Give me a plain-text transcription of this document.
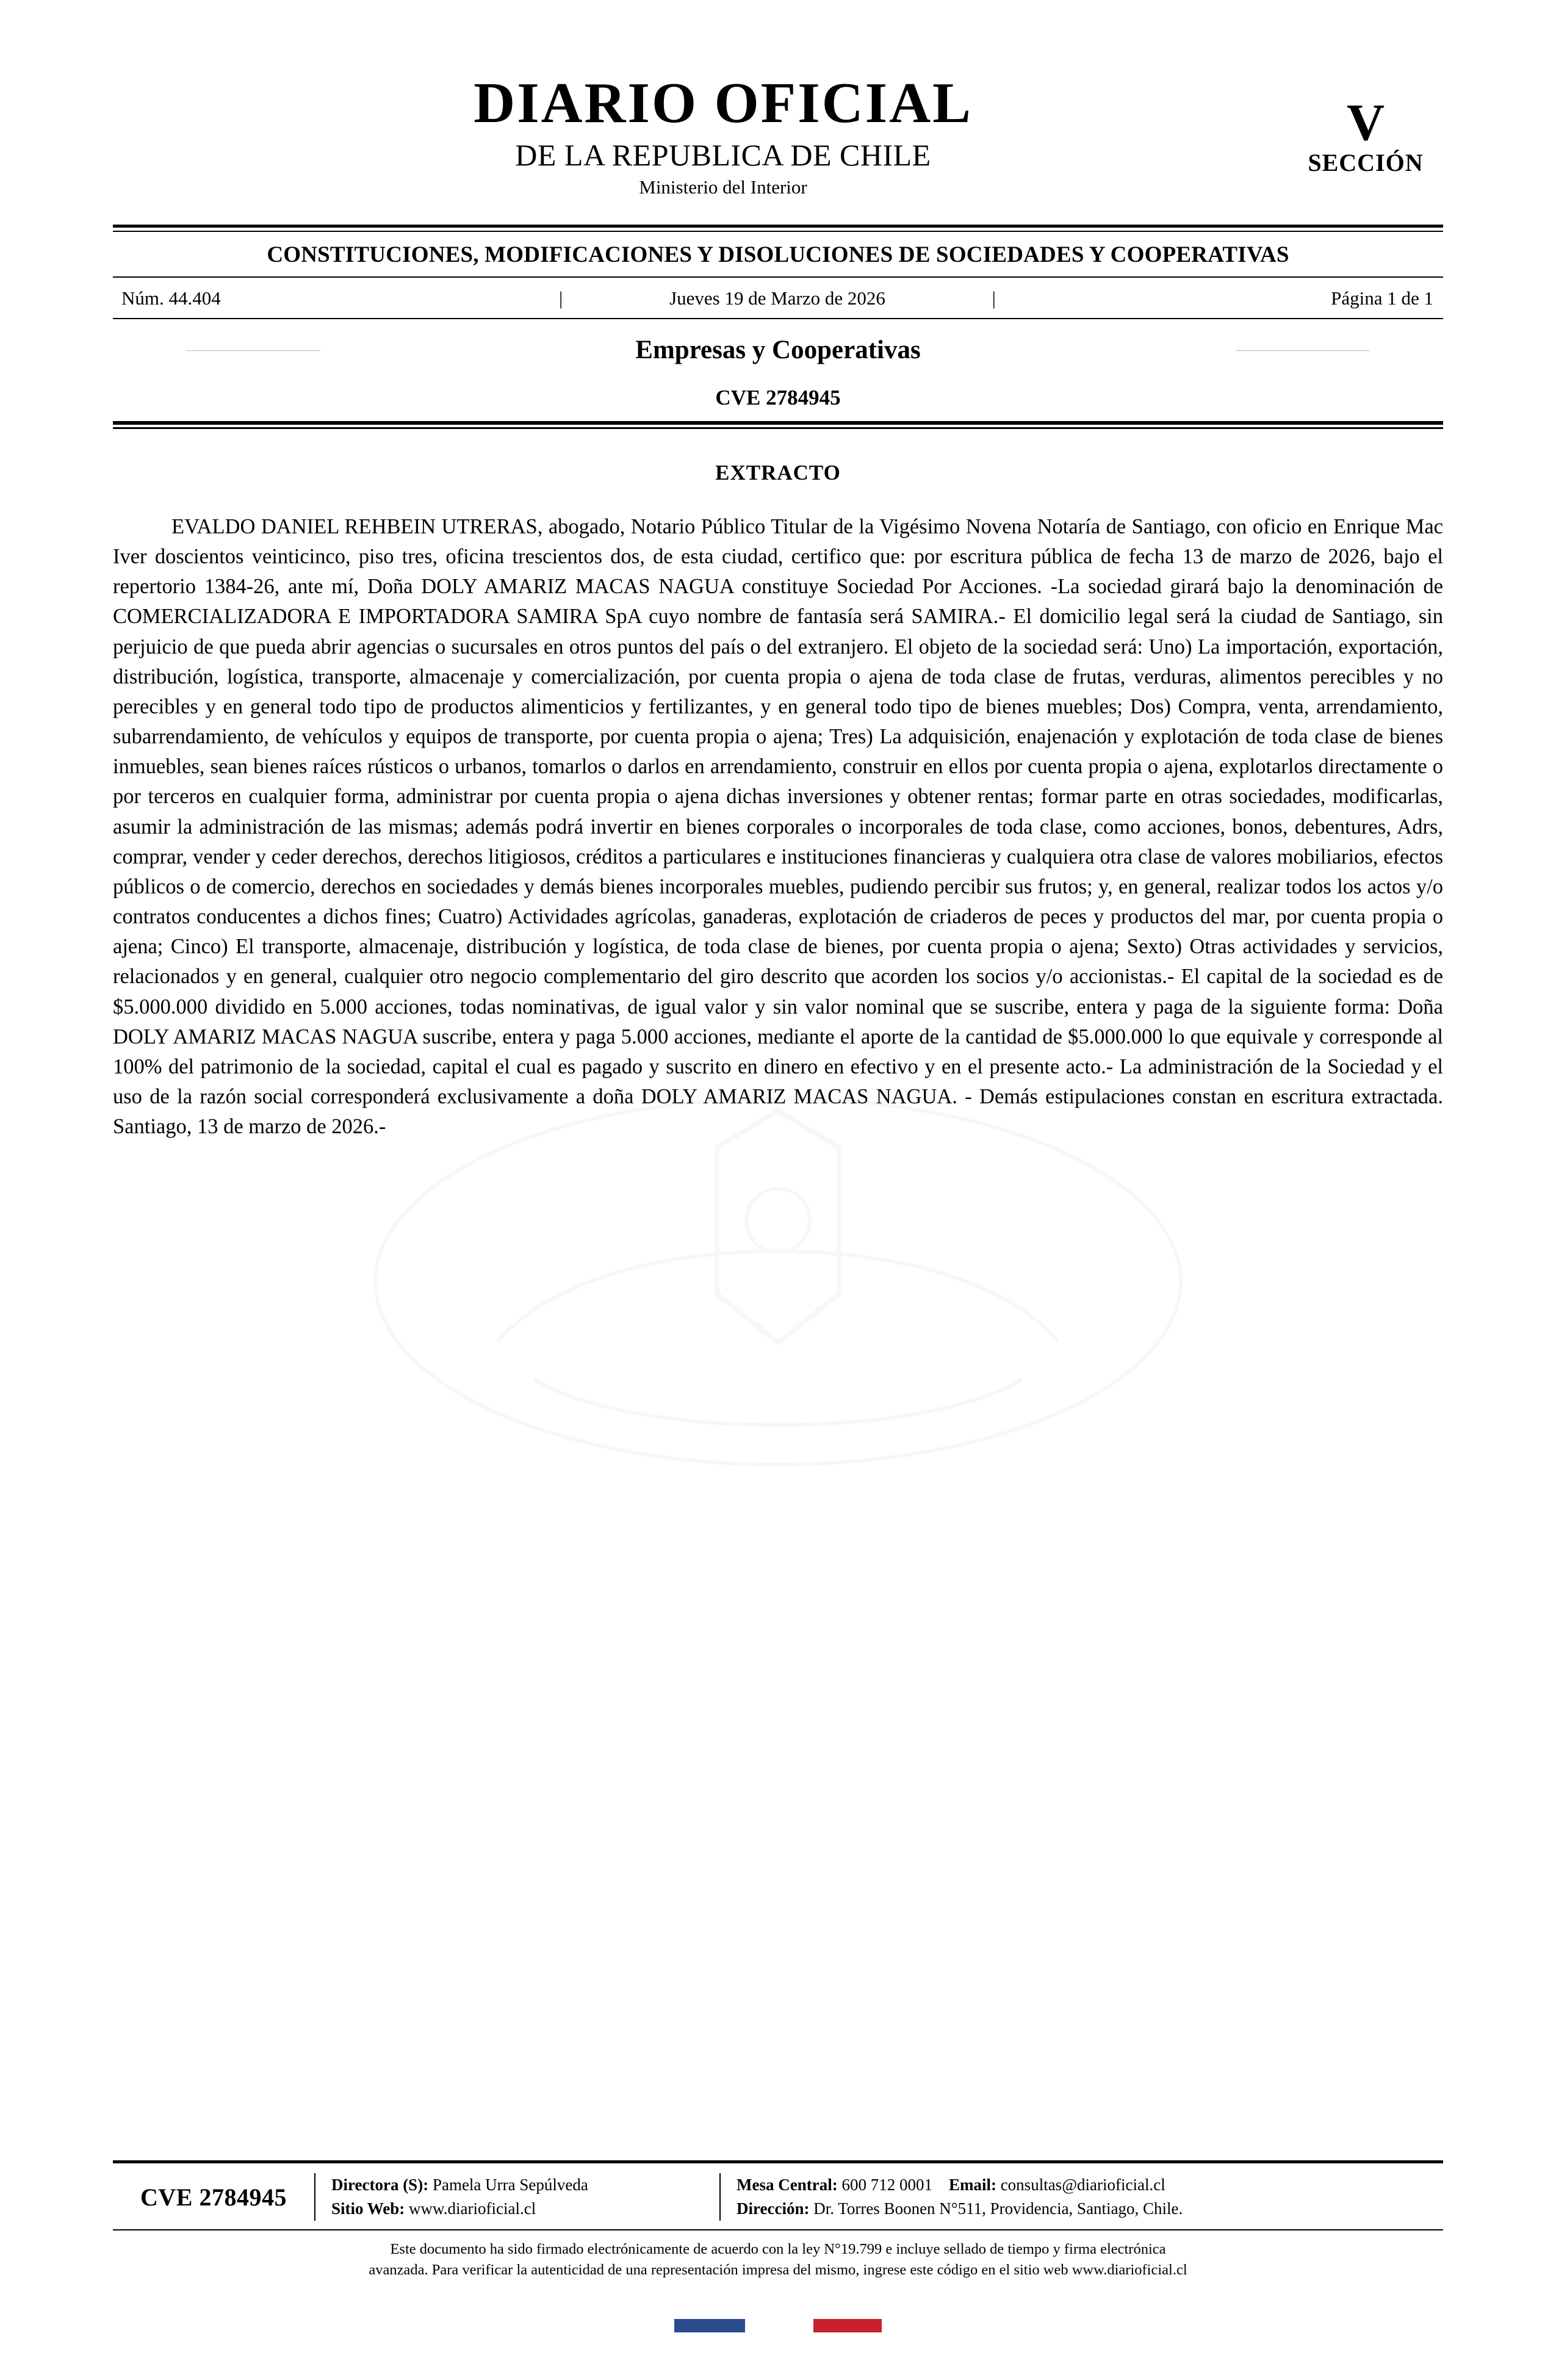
DIARIO OFICIAL
DE LA REPUBLICA DE CHILE
Ministerio del Interior
V
SECCIÓN
CONSTITUCIONES, MODIFICACIONES Y DISOLUCIONES DE SOCIEDADES Y COOPERATIVAS
Núm. 44.404	|	Jueves 19 de Marzo de 2026	|	Página 1 de 1
Empresas y Cooperativas
CVE 2784945
EXTRACTO
EVALDO DANIEL REHBEIN UTRERAS, abogado, Notario Público Titular de la Vigésimo Novena Notaría de Santiago, con oficio en Enrique Mac Iver doscientos veinticinco, piso tres, oficina trescientos dos, de esta ciudad, certifico que: por escritura pública de fecha 13 de marzo de 2026, bajo el repertorio 1384-26, ante mí, Doña DOLY AMARIZ MACAS NAGUA constituye Sociedad Por Acciones. -La sociedad girará bajo la denominación de COMERCIALIZADORA E IMPORTADORA SAMIRA SpA cuyo nombre de fantasía será SAMIRA.- El domicilio legal será la ciudad de Santiago, sin perjuicio de que pueda abrir agencias o sucursales en otros puntos del país o del extranjero. El objeto de la sociedad será: Uno) La importación, exportación, distribución, logística, transporte, almacenaje y comercialización, por cuenta propia o ajena de toda clase de frutas, verduras, alimentos perecibles y no perecibles y en general todo tipo de productos alimenticios y fertilizantes, y en general todo tipo de bienes muebles; Dos) Compra, venta, arrendamiento, subarrendamiento, de vehículos y equipos de transporte, por cuenta propia o ajena; Tres) La adquisición, enajenación y explotación de toda clase de bienes inmuebles, sean bienes raíces rústicos o urbanos, tomarlos o darlos en arrendamiento, construir en ellos por cuenta propia o ajena, explotarlos directamente o por terceros en cualquier forma, administrar por cuenta propia o ajena dichas inversiones y obtener rentas; formar parte en otras sociedades, modificarlas, asumir la administración de las mismas; además podrá invertir en bienes corporales o incorporales de toda clase, como acciones, bonos, debentures, Adrs, comprar, vender y ceder derechos, derechos litigiosos, créditos a particulares e instituciones financieras y cualquiera otra clase de valores mobiliarios, efectos públicos o de comercio, derechos en sociedades y demás bienes incorporales muebles, pudiendo percibir sus frutos; y, en general, realizar todos los actos y/o contratos conducentes a dichos fines; Cuatro) Actividades agrícolas, ganaderas, explotación de criaderos de peces y productos del mar, por cuenta propia o ajena; Cinco) El transporte, almacenaje, distribución y logística, de toda clase de bienes, por cuenta propia o ajena; Sexto) Otras actividades y servicios, relacionados y en general, cualquier otro negocio complementario del giro descrito que acorden los socios y/o accionistas.- El capital de la sociedad es de $5.000.000 dividido en 5.000 acciones, todas nominativas, de igual valor y sin valor nominal que se suscribe, entera y paga de la siguiente forma: Doña DOLY AMARIZ MACAS NAGUA suscribe, entera y paga 5.000 acciones, mediante el aporte de la cantidad de $5.000.000 lo que equivale y corresponde al 100% del patrimonio de la sociedad, capital el cual es pagado y suscrito en dinero en efectivo y en el presente acto.- La administración de la Sociedad y el uso de la razón social corresponderá exclusivamente a doña DOLY AMARIZ MACAS NAGUA. - Demás estipulaciones constan en escritura extractada. Santiago, 13 de marzo de 2026.-
CVE 2784945	Directora (S): Pamela Urra Sepúlveda
Sitio Web: www.diarioficial.cl
Mesa Central: 600 712 0001 Email: consultas@diarioficial.cl
Dirección: Dr. Torres Boonen N°511, Providencia, Santiago, Chile.
Este documento ha sido firmado electrónicamente de acuerdo con la ley N°19.799 e incluye sellado de tiempo y firma electrónica
avanzada. Para verificar la autenticidad de una representación impresa del mismo, ingrese este código en el sitio web www.diarioficial.cl
